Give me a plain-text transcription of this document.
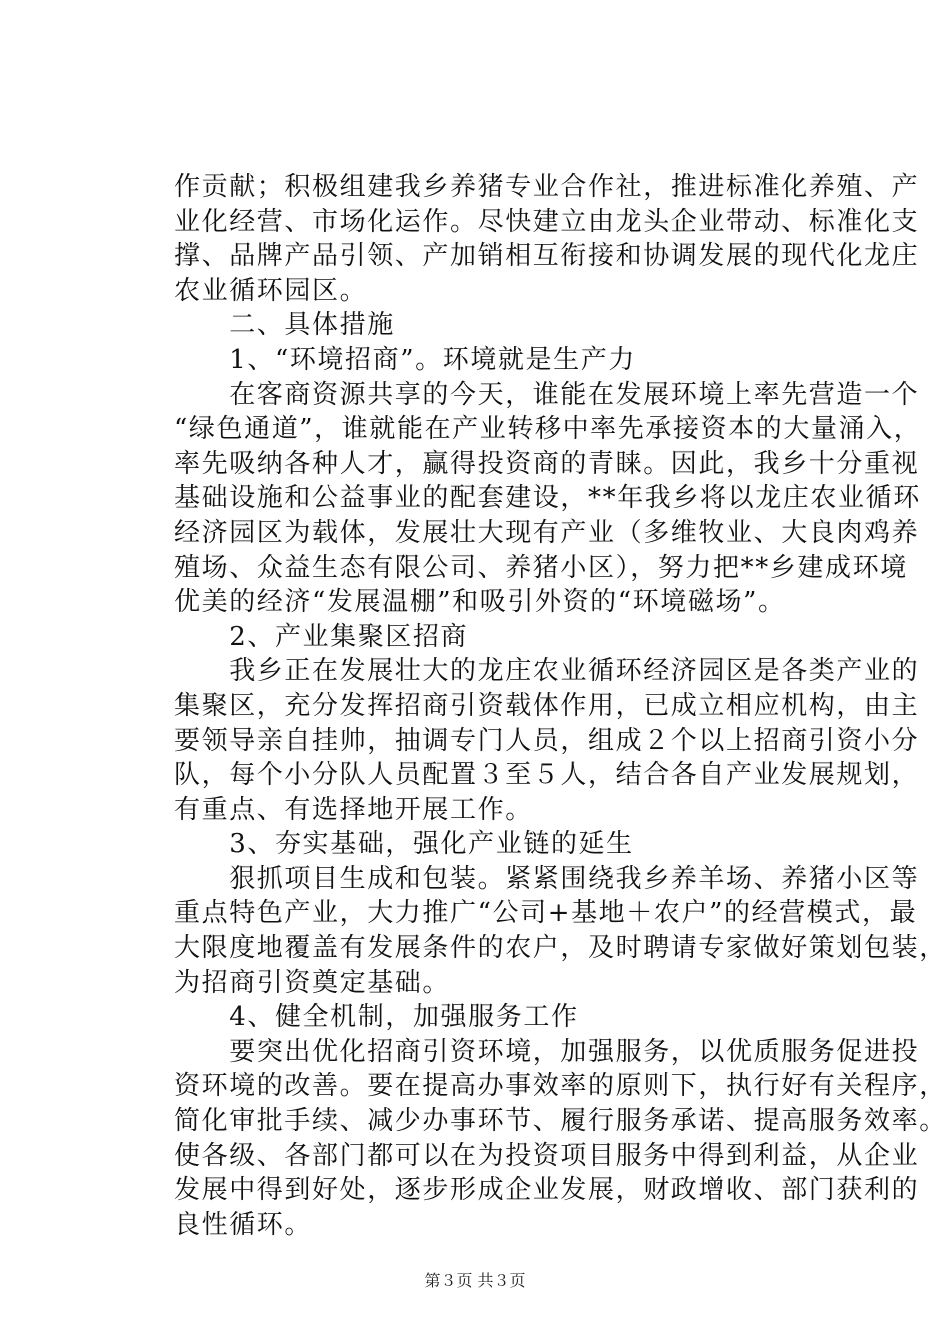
作贡献；积极组建我乡养猪专业合作社，推进标准化养殖、产
业化经营、市场化运作。尽快建立由龙头企业带动、标准化支
撑、品牌产品引领、产加销相互衔接和协调发展的现代化龙庄
农业循环园区。
　　二、具体措施
　　1、“环境招商”。环境就是生产力
　　在客商资源共享的今天，谁能在发展环境上率先营造一个
“绿色通道”，谁就能在产业转移中率先承接资本的大量涌入，
率先吸纳各种人才，赢得投资商的青睐。因此，我乡十分重视
基础设施和公益事业的配套建设，**年我乡将以龙庄农业循环
经济园区为载体，发展壮大现有产业（多维牧业、大良肉鸡养
殖场、众益生态有限公司、养猪小区），努力把**乡建成环境
优美的经济“发展温棚”和吸引外资的“环境磁场”。
　　2、产业集聚区招商
　　我乡正在发展壮大的龙庄农业循环经济园区是各类产业的
集聚区，充分发挥招商引资载体作用，已成立相应机构，由主
要领导亲自挂帅，抽调专门人员，组成２个以上招商引资小分
队，每个小分队人员配置３至５人，结合各自产业发展规划，
有重点、有选择地开展工作。
　　3、夯实基础，强化产业链的延生
　　狠抓项目生成和包装。紧紧围绕我乡养羊场、养猪小区等
重点特色产业，大力推广“公司+基地＋农户”的经营模式，最
大限度地覆盖有发展条件的农户，及时聘请专家做好策划包装，
为招商引资奠定基础。
　　4、健全机制，加强服务工作
　　要突出优化招商引资环境，加强服务，以优质服务促进投
资环境的改善。要在提高办事效率的原则下，执行好有关程序，
简化审批手续、减少办事环节、履行服务承诺、提高服务效率。
使各级、各部门都可以在为投资项目服务中得到利益，从企业
发展中得到好处，逐步形成企业发展，财政增收、部门获利的
良性循环。
第３页 共３页
